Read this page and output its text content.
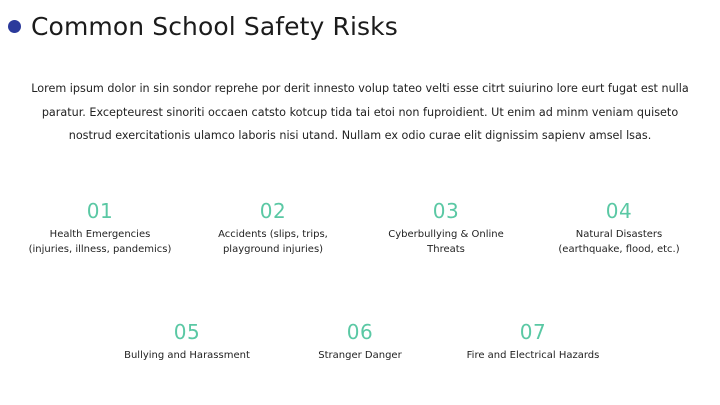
Common School Safety Risks

Lorem ipsum dolor in sin sondor reprehe por derit innesto volup tateo velti esse citrt suiurino lore eurt fugat est nulla paratur. Excepteurest sinoriti occaen catsto kotcup tida tai etoi non fuproidient. Ut enim ad minm veniam quiseto nostrud exercitationis ulamco laboris nisi utand. Nullam ex odio curae elit dignissim sapienv amsel lsas.

01
Health Emergencies
(injuries, illness, pandemics)
02
Accidents (slips, trips,
playground injuries)
03
Cyberbullying & Online
Threats
04
Natural Disasters
(earthquake, flood, etc.)
05
Bullying and Harassment
06
Stranger Danger
07
Fire and Electrical Hazards
